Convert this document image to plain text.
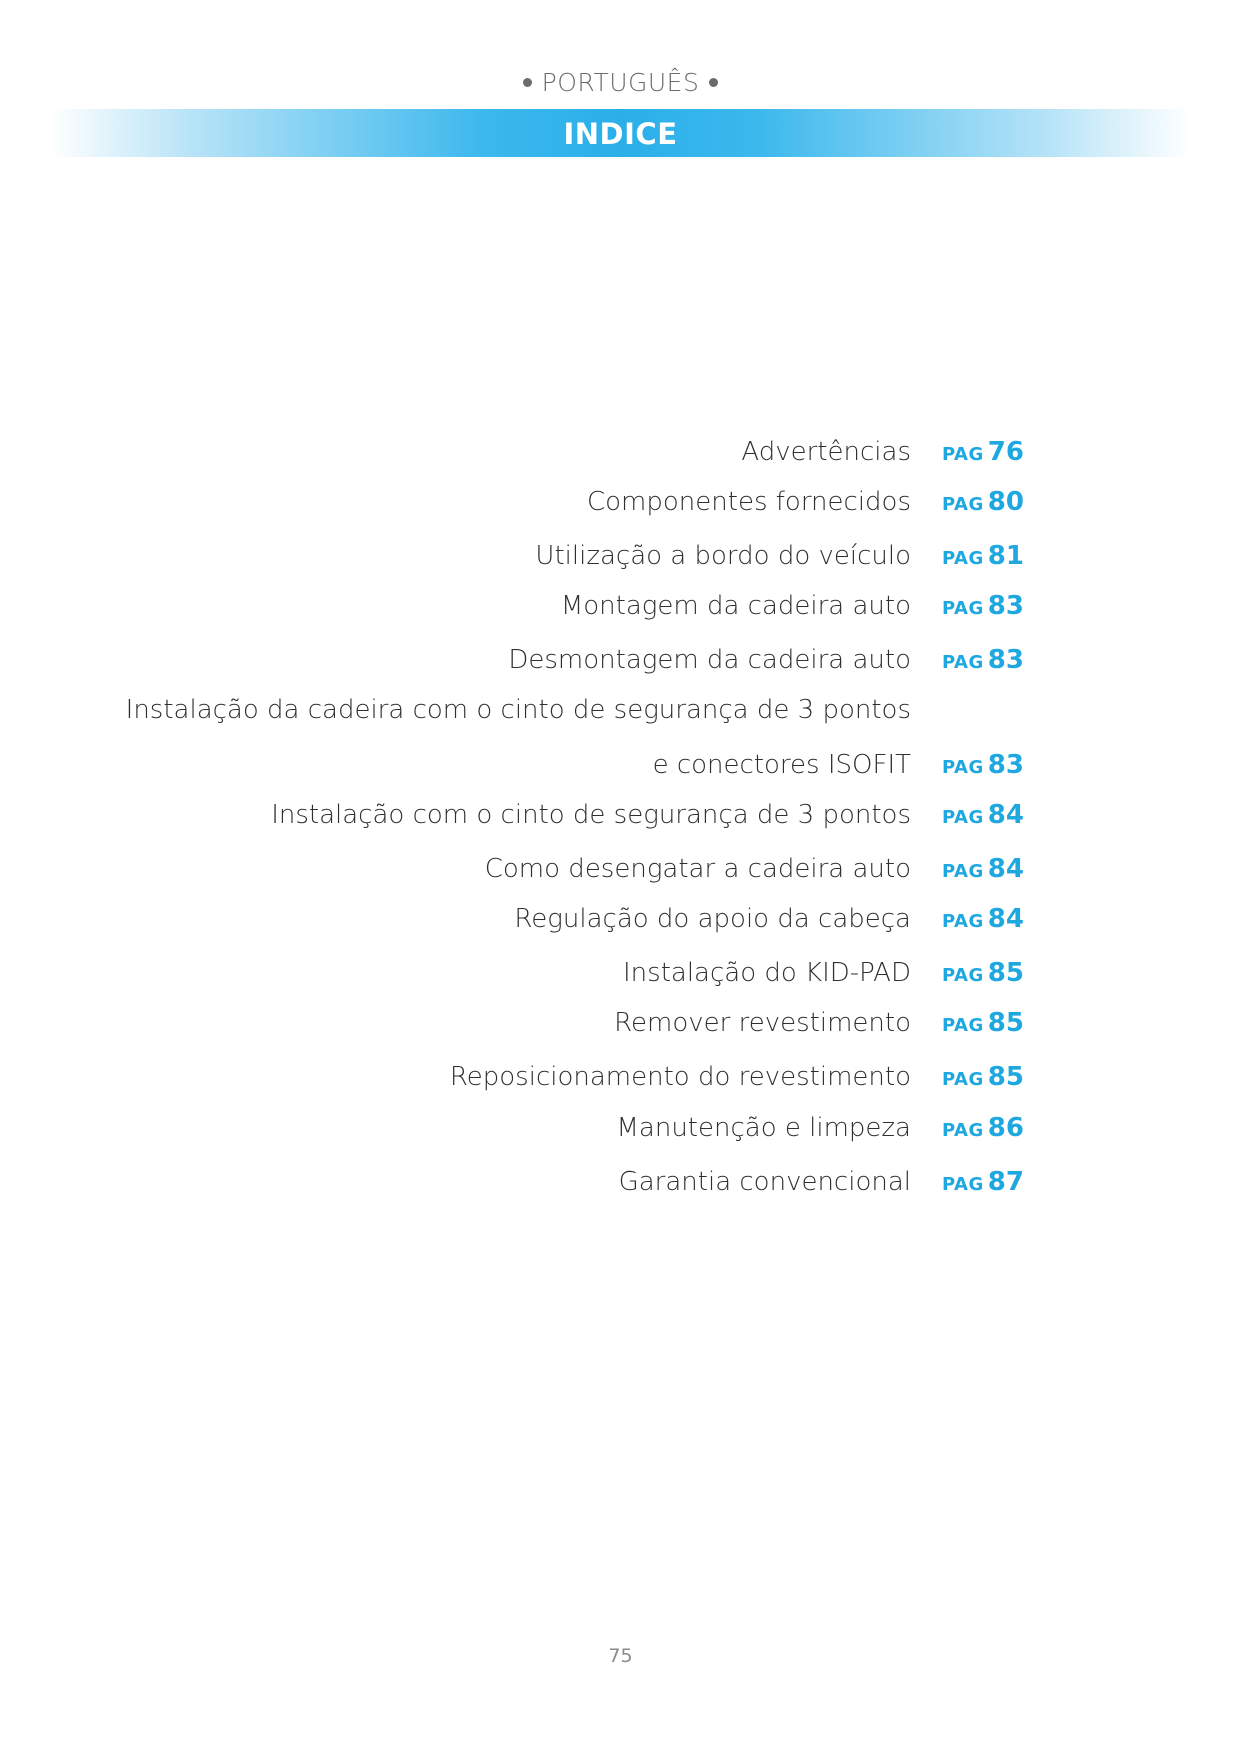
PORTUGUÊS
INDICE
Advertências PAG 76
Componentes fornecidos PAG 80
Utilização a bordo do veículo PAG 81
Montagem da cadeira auto PAG 83
Desmontagem da cadeira auto PAG 83
Instalação da cadeira com o cinto de segurança de 3 pontos
e conectores ISOFIT PAG 83
Instalação com o cinto de segurança de 3 pontos PAG 84
Como desengatar a cadeira auto PAG 84
Regulação do apoio da cabeça PAG 84
Instalação do KID-PAD PAG 85
Remover revestimento PAG 85
Reposicionamento do revestimento PAG 85
Manutenção e limpeza PAG 86
Garantia convencional PAG 87
75
